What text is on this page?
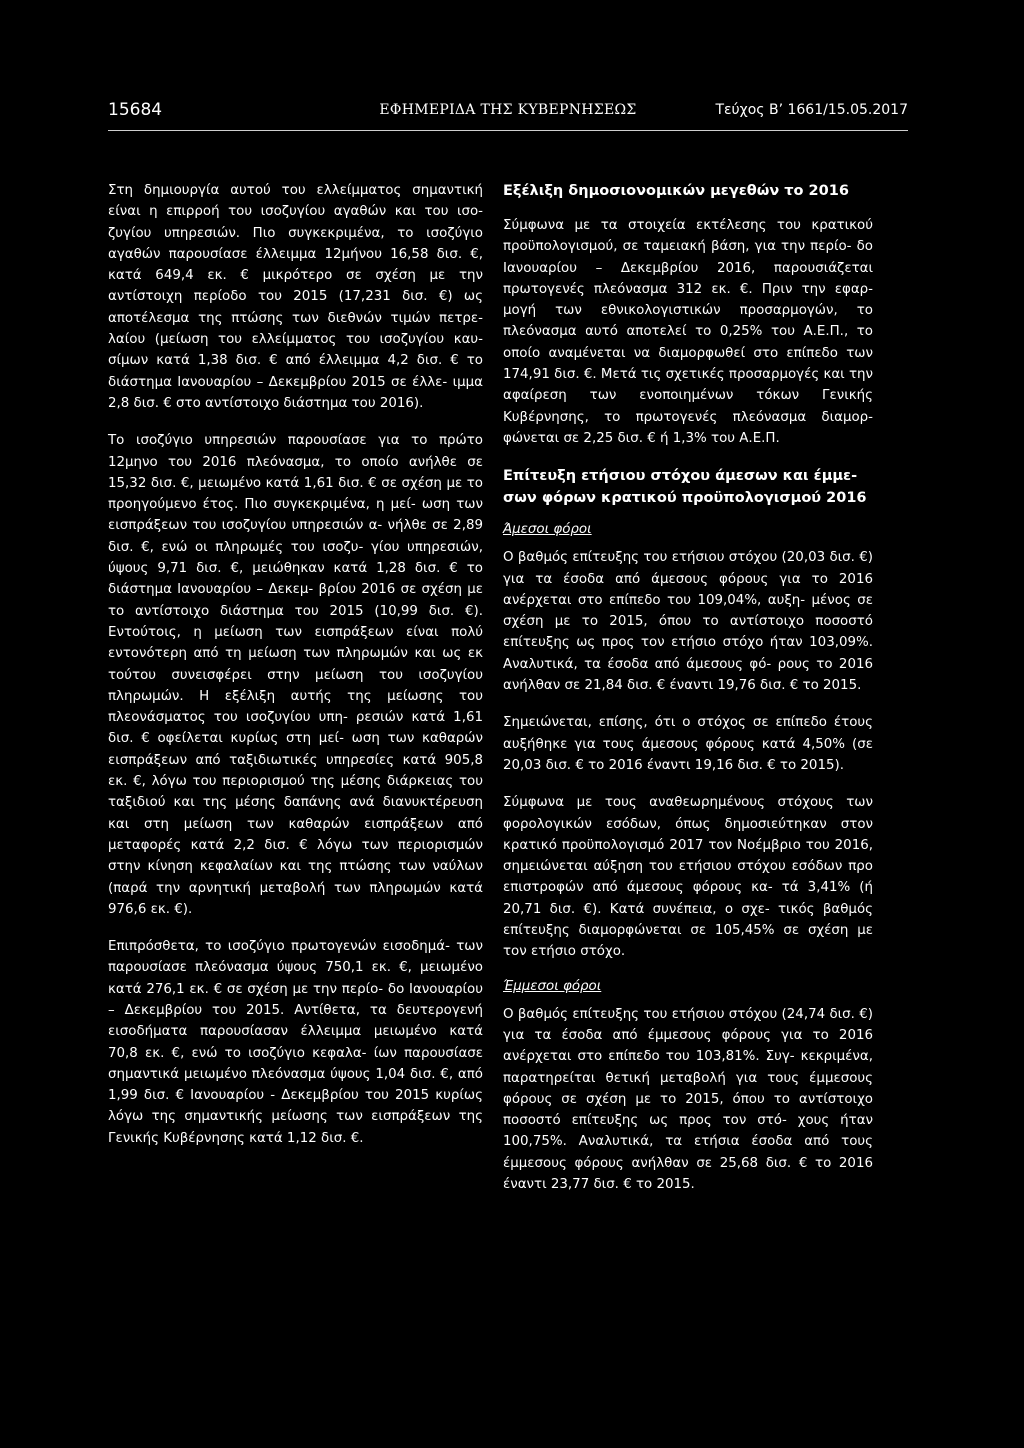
15684	ΕΦΗΜΕΡΙΔΑ ΤΗΣ ΚΥΒΕΡΝΗΣΕΩΣ	Τεύχος Β’ 1661/15.05.2017

Στη δημιουργία αυτού του ελλείμματος σημαντική είναι η επιρροή του ισοζυγίου αγαθών και του ισο- ζυγίου υπηρεσιών. Πιο συγκεκριμένα, το ισοζύγιο αγαθών παρουσίασε έλλειμμα 12μήνου 16,58 δισ. €, κατά 649,4 εκ. € μικρότερο σε σχέση με την αντίστοιχη περίοδο του 2015 (17,231 δισ. €) ως αποτέλεσμα της πτώσης των διεθνών τιμών πετρε- λαίου (μείωση του ελλείμματος του ισοζυγίου καυ- σίμων κατά 1,38 δισ. € από έλλειμμα 4,2 δισ. € το διάστημα Ιανουαρίου – Δεκεμβρίου 2015 σε έλλε- ιμμα 2,8 δισ. € στο αντίστοιχο διάστημα του 2016).

Το ισοζύγιο υπηρεσιών παρουσίασε για το πρώτο 12μηνο του 2016 πλεόνασμα, το οποίο ανήλθε σε 15,32 δισ. €, μειωμένο κατά 1,61 δισ. € σε σχέση με το προηγούμενο έτος. Πιο συγκεκριμένα, η μεί- ωση των εισπράξεων του ισοζυγίου υπηρεσιών α- νήλθε σε 2,89 δισ. €, ενώ οι πληρωμές του ισοζυ- γίου υπηρεσιών, ύψους 9,71 δισ. €, μειώθηκαν κατά 1,28 δισ. € το διάστημα Ιανουαρίου – Δεκεμ- βρίου 2016 σε σχέση με το αντίστοιχο διάστημα του 2015 (10,99 δισ. €). Εντούτοις, η μείωση των εισπράξεων είναι πολύ εντονότερη από τη μείωση των πληρωμών και ως εκ τούτου συνεισφέρει στην μείωση του ισοζυγίου πληρωμών. Η εξέλιξη αυτής της μείωσης του πλεονάσματος του ισοζυγίου υπη- ρεσιών κατά 1,61 δισ. € οφείλεται κυρίως στη μεί- ωση των καθαρών εισπράξεων από ταξιδιωτικές υπηρεσίες κατά 905,8 εκ. €, λόγω του περιορισμού της μέσης διάρκειας του ταξιδιού και της μέσης δαπάνης ανά διανυκτέρευση και στη μείωση των καθαρών εισπράξεων από μεταφορές κατά 2,2 δισ. € λόγω των περιορισμών στην κίνηση κεφαλαίων και της πτώσης των ναύλων (παρά την αρνητική μεταβολή των πληρωμών κατά 976,6 εκ. €).

Επιπρόσθετα, το ισοζύγιο πρωτογενών εισοδημά- των παρουσίασε πλεόνασμα ύψους 750,1 εκ. €, μειωμένο κατά 276,1 εκ. € σε σχέση με την περίο- δο Ιανουαρίου – Δεκεμβρίου του 2015. Αντίθετα, τα δευτερογενή εισοδήματα παρουσίασαν έλλειμμα μειωμένο κατά 70,8 εκ. €, ενώ το ισοζύγιο κεφαλα- ίων παρουσίασε σημαντικά μειωμένο πλεόνασμα ύψους 1,04 δισ. €, από 1,99 δισ. € Ιανουαρίου - Δεκεμβρίου του 2015 κυρίως λόγω της σημαντικής μείωσης των εισπράξεων της Γενικής Κυβέρνησης κατά 1,12 δισ. €.

Εξέλιξη δημοσιονομικών μεγεθών το 2016

Σύμφωνα με τα στοιχεία εκτέλεσης του κρατικού προϋπολογισμού, σε ταμειακή βάση, για την περίο- δο Ιανουαρίου – Δεκεμβρίου 2016, παρουσιάζεται πρωτογενές πλεόνασμα 312 εκ. €. Πριν την εφαρ- μογή των εθνικολογιστικών προσαρμογών, το πλεόνασμα αυτό αποτελεί το 0,25% του Α.Ε.Π., το οποίο αναμένεται να διαμορφωθεί στο επίπεδο των 174,91 δισ. €. Μετά τις σχετικές προσαρμογές και την αφαίρεση των ενοποιημένων τόκων Γενικής Κυβέρνησης, το πρωτογενές πλεόνασμα διαμορ- φώνεται σε 2,25 δισ. € ή 1,3% του Α.Ε.Π.

Επίτευξη ετήσιου στόχου άμεσων και έμμε- σων φόρων κρατικού προϋπολογισμού 2016
Άμεσοι φόροι

Ο βαθμός επίτευξης του ετήσιου στόχου (20,03 δισ. €) για τα έσοδα από άμεσους φόρους για το 2016 ανέρχεται στο επίπεδο του 109,04%, αυξη- μένος σε σχέση με το 2015, όπου το αντίστοιχο ποσοστό επίτευξης ως προς τον ετήσιο στόχο ήταν 103,09%. Αναλυτικά, τα έσοδα από άμεσους φό- ρους το 2016 ανήλθαν σε 21,84 δισ. € έναντι 19,76 δισ. € το 2015.

Σημειώνεται, επίσης, ότι ο στόχος σε επίπεδο έτους αυξήθηκε για τους άμεσους φόρους κατά 4,50% (σε 20,03 δισ. € το 2016 έναντι 19,16 δισ. € το 2015).

Σύμφωνα με τους αναθεωρημένους στόχους των φορολογικών εσόδων, όπως δημοσιεύτηκαν στον κρατικό προϋπολογισμό 2017 τον Νοέμβριο του 2016, σημειώνεται αύξηση του ετήσιου στόχου εσόδων προ επιστροφών από άμεσους φόρους κα- τά 3,41% (ή 20,71 δισ. €). Κατά συνέπεια, ο σχε- τικός βαθμός επίτευξης διαμορφώνεται σε 105,45% σε σχέση με τον ετήσιο στόχο.

Έμμεσοι φόροι

Ο βαθμός επίτευξης του ετήσιου στόχου (24,74 δισ. €) για τα έσοδα από έμμεσους φόρους για το 2016 ανέρχεται στο επίπεδο του 103,81%. Συγ- κεκριμένα, παρατηρείται θετική μεταβολή για τους έμμεσους φόρους σε σχέση με το 2015, όπου το αντίστοιχο ποσοστό επίτευξης ως προς τον στό- χους ήταν 100,75%. Αναλυτικά, τα ετήσια έσοδα από τους έμμεσους φόρους ανήλθαν σε 25,68 δισ. € το 2016 έναντι 23,77 δισ. € το 2015.
